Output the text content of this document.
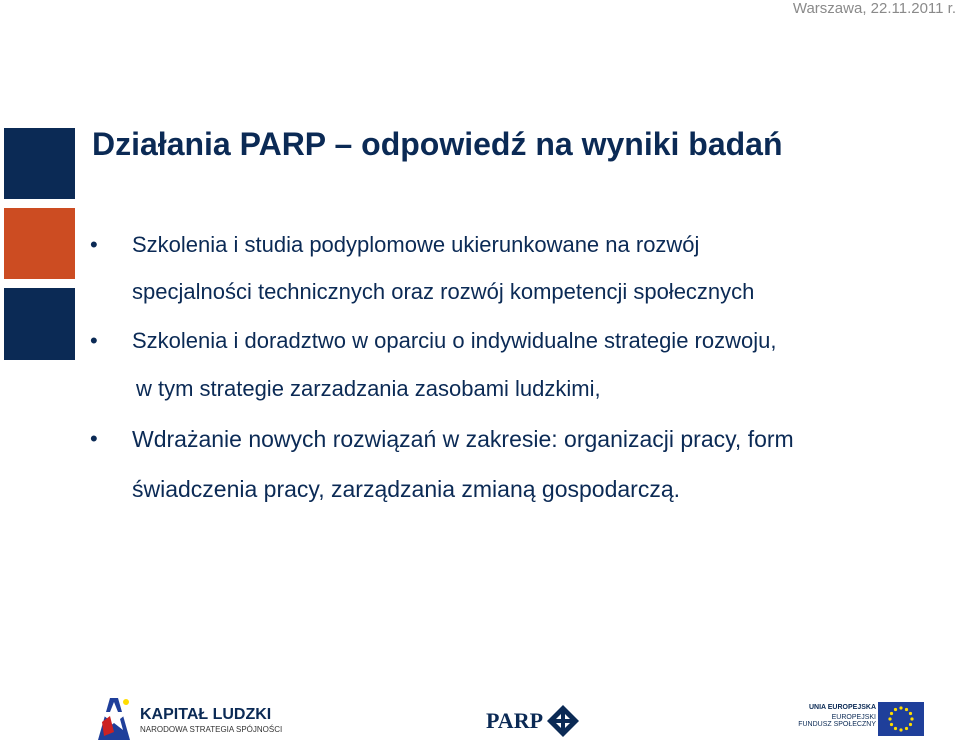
Warszawa, 22.11.2011 r.
Działania PARP – odpowiedź na wyniki badań
• Szkolenia i studia podyplomowe ukierunkowane na rozwój
specjalności technicznych oraz rozwój kompetencji społecznych
• Szkolenia i doradztwo w oparciu o indywidualne strategie rozwoju,
w tym strategie zarzadzania zasobami ludzkimi,
• Wdrażanie nowych rozwiązań w zakresie: organizacji pracy, form
świadczenia pracy, zarządzania zmianą gospodarczą.
KAPITAŁ LUDZKI
NARODOWA STRATEGIA SPÓJNOŚCI	PARP
UNIA EUROPEJSKA
EUROPEJSKI
FUNDUSZ SPOŁECZNY
